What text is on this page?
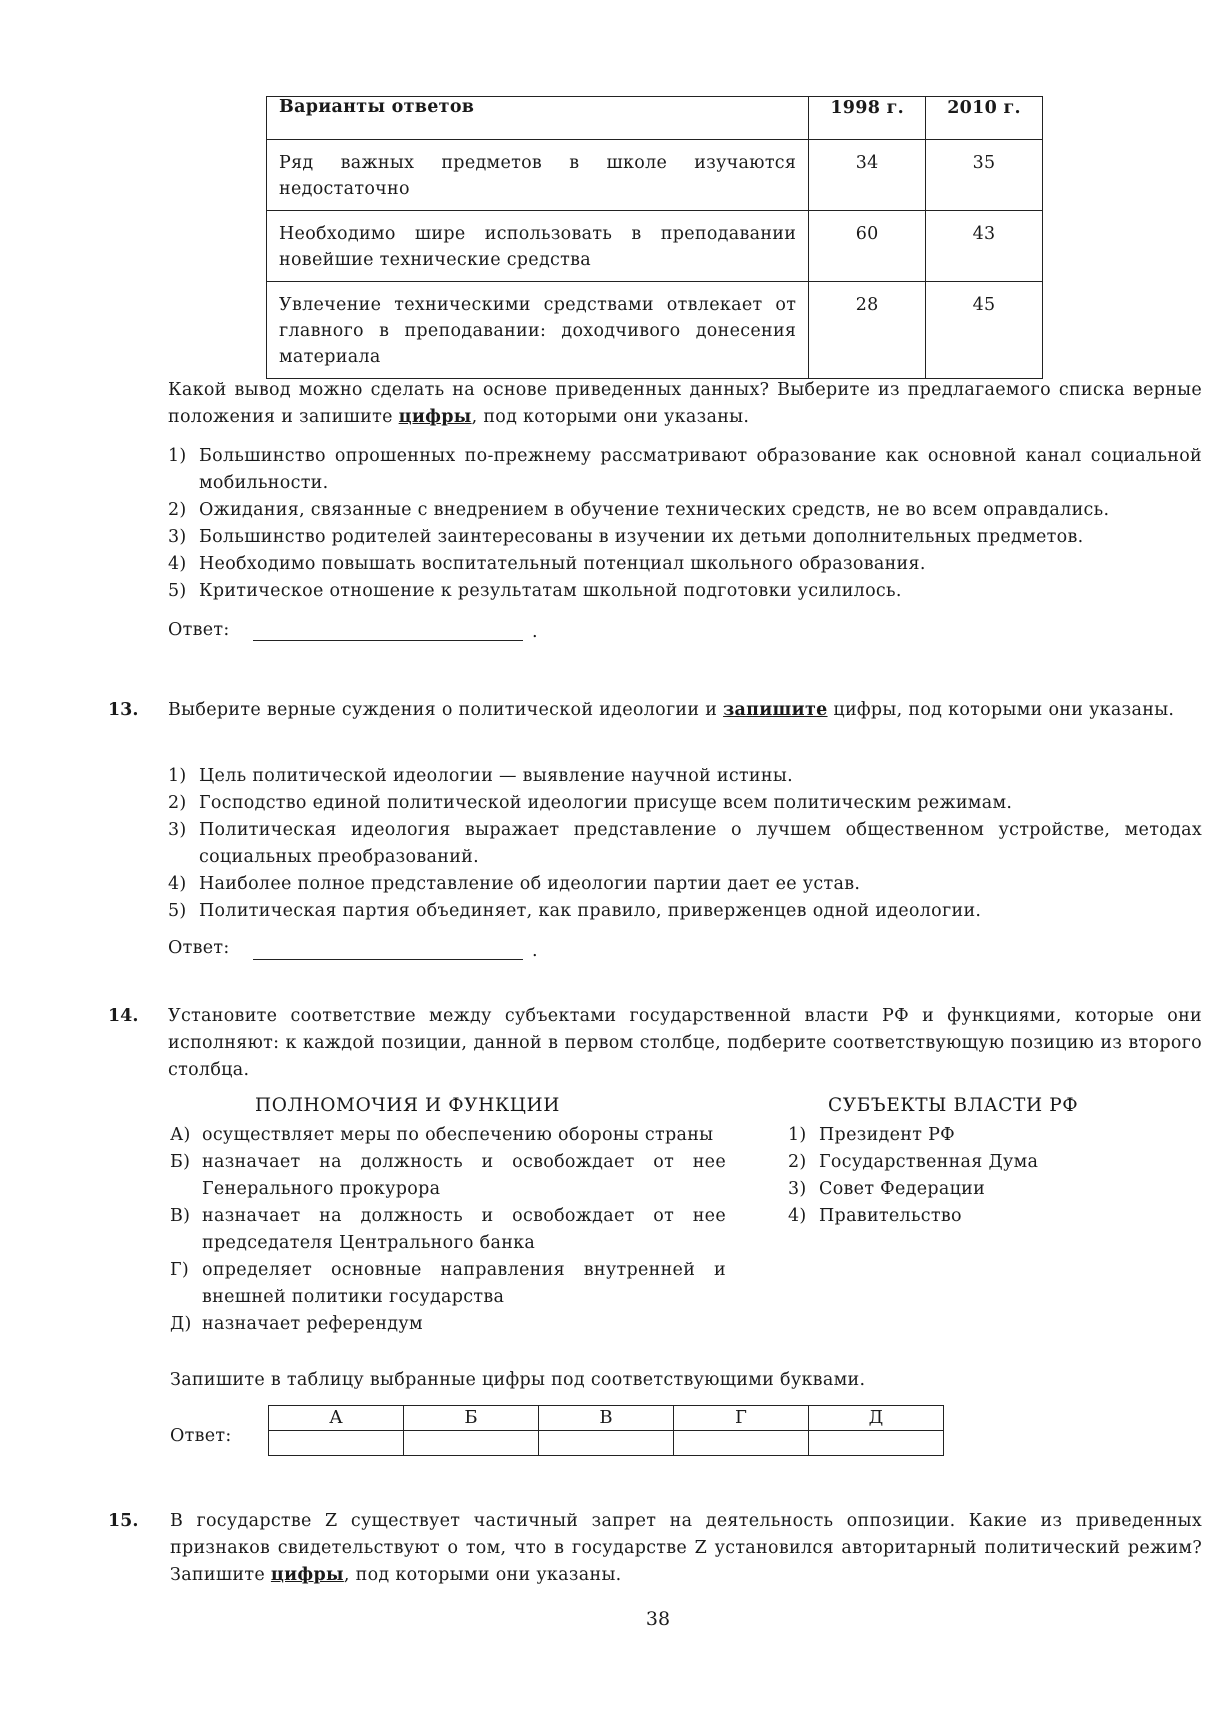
Варианты ответов	1998 г.	2010 г.
Ряд важных предметов в школе изучаются недостаточно	34	35
Необходимо шире использовать в преподавании новейшие технические средства	60	43
Увлечение техническими средствами отвлекает от главного в преподавании: доходчивого донесения материала	28	45
Какой вывод можно сделать на основе приведенных данных? Выберите из предлагаемого списка верные положения и запишите цифры, под которыми они указаны.
1) Большинство опрошенных по-прежнему рассматривают образование как основной канал социальной мобильности.
2) Ожидания, связанные с внедрением в обучение технических средств, не во всем оправдались.
3) Большинство родителей заинтересованы в изучении их детьми дополнительных предметов.
4) Необходимо повышать воспитательный потенциал школьного образования.
5) Критическое отношение к результатам школьной подготовки усилилось.
Ответ:	.
13. Выберите верные суждения о политической идеологии и запишите цифры, под которыми они указаны.
1) Цель политической идеологии — выявление научной истины.
2) Господство единой политической идеологии присуще всем политическим режимам.
3) Политическая идеология выражает представление о лучшем общественном устройстве, методах социальных преобразований.
4) Наиболее полное представление об идеологии партии дает ее устав.
5) Политическая партия объединяет, как правило, приверженцев одной идеологии.
Ответ:	.
14. Установите соответствие между субъектами государственной власти РФ и функциями, которые они исполняют: к каждой позиции, данной в первом столбце, подберите соответствующую позицию из второго столбца.
ПОЛНОМОЧИЯ И ФУНКЦИИ	СУБЪЕКТЫ ВЛАСТИ РФ
А) осуществляет меры по обеспечению обороны страны
Б) назначает на должность и освобождает от нее Генерального прокурора
В) назначает на должность и освобождает от нее председателя Центрального банка
Г) определяет основные направления внутренней и внешней политики государства
Д) назначает референдум
1) Президент РФ
2) Государственная Дума
3) Совет Федерации
4) Правительство
Запишите в таблицу выбранные цифры под соответствующими буквами.
Ответ:
А	Б	В	Г	Д

15. В государстве Z существует частичный запрет на деятельность оппозиции. Какие из приведенных признаков свидетельствуют о том, что в государстве Z установился авторитарный политический режим? Запишите цифры, под которыми они указаны.
38
